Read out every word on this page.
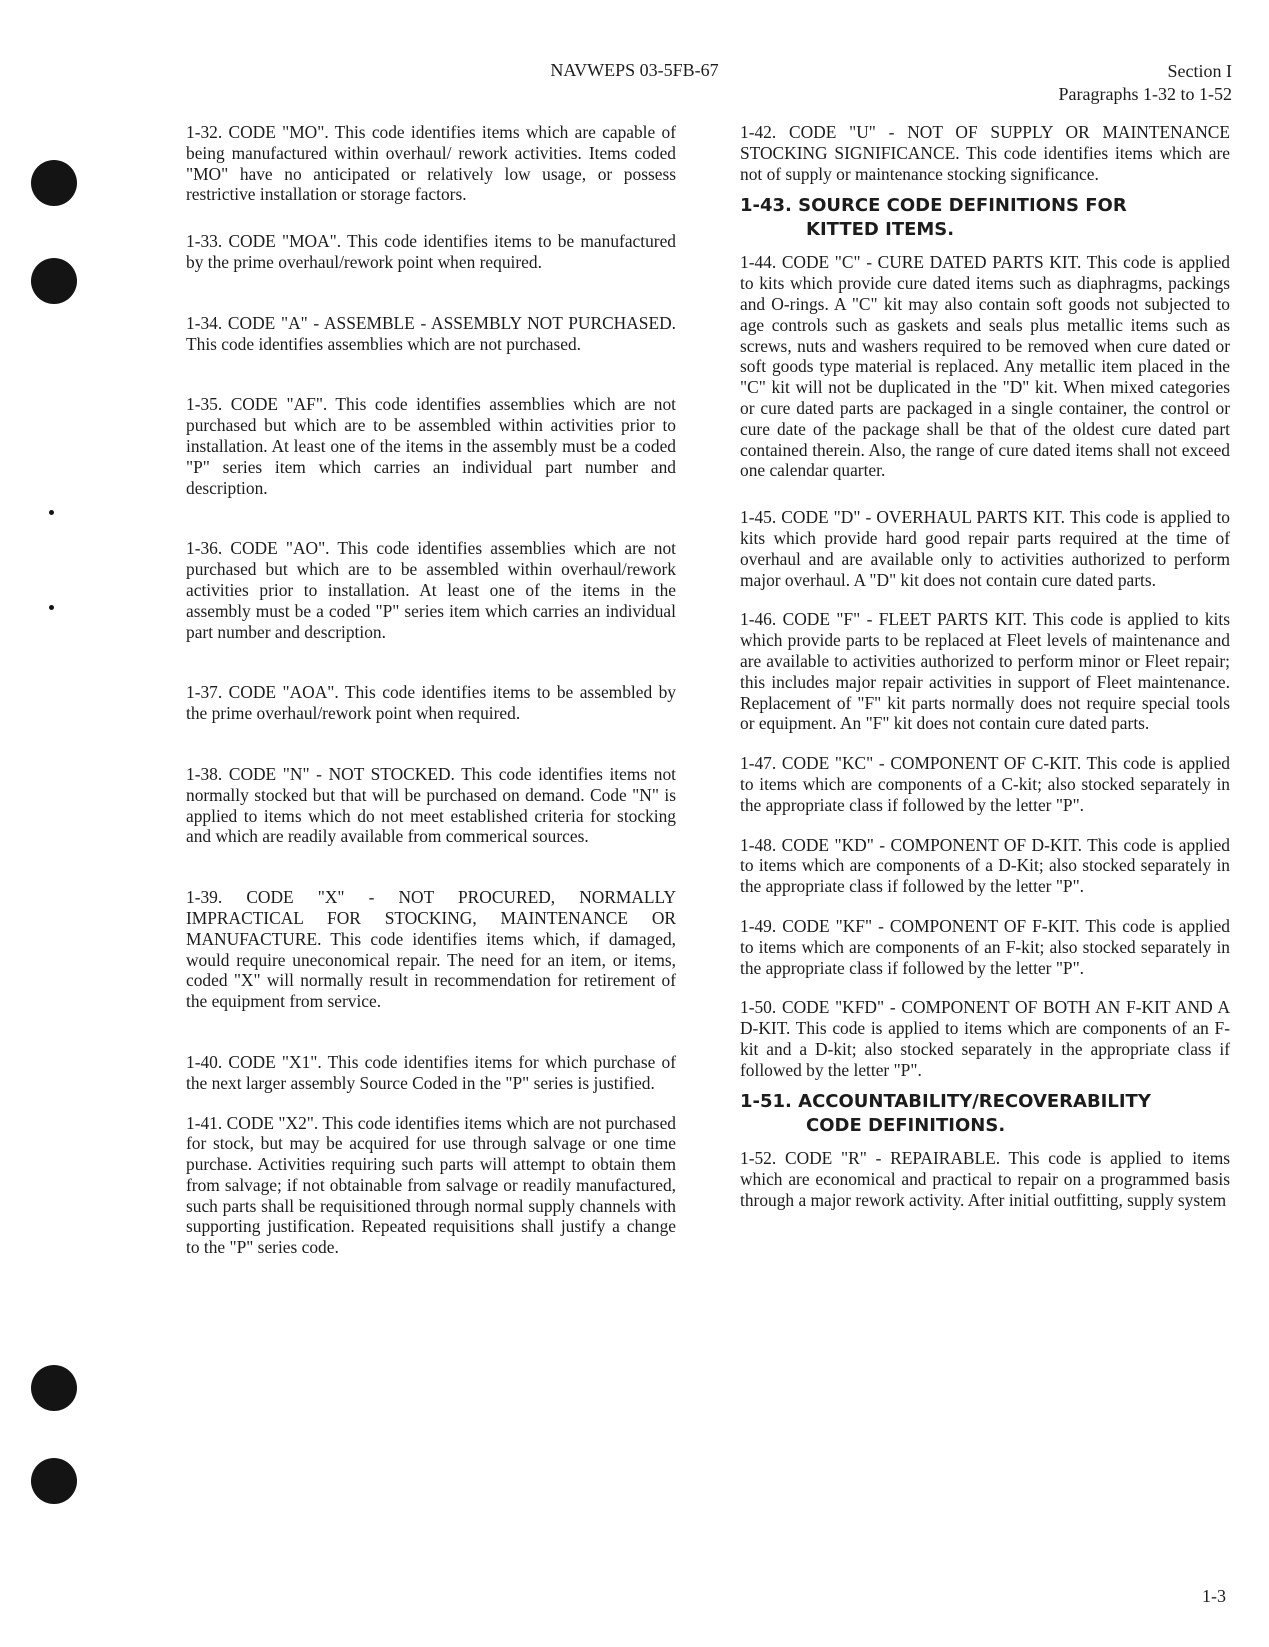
NAVWEPS 03-5FB-67	Section I
Paragraphs 1-32 to 1-52

1-32. CODE "MO". This code identifies items which are capable of being manufactured within overhaul/ rework activities. Items coded "MO" have no anticipated or relatively low usage, or possess restrictive installation or storage factors.

1-33. CODE "MOA". This code identifies items to be manufactured by the prime overhaul/rework point when required.

1-34. CODE "A" - ASSEMBLE - ASSEMBLY NOT PURCHASED. This code identifies assemblies which are not purchased.

1-35. CODE "AF". This code identifies assemblies which are not purchased but which are to be assembled within activities prior to installation. At least one of the items in the assembly must be a coded "P" series item which carries an individual part number and description.

1-36. CODE "AO". This code identifies assemblies which are not purchased but which are to be assembled within overhaul/rework activities prior to installation. At least one of the items in the assembly must be a coded "P" series item which carries an individual part number and description.

1-37. CODE "AOA". This code identifies items to be assembled by the prime overhaul/rework point when required.

1-38. CODE "N" - NOT STOCKED. This code identifies items not normally stocked but that will be purchased on demand. Code "N" is applied to items which do not meet established criteria for stocking and which are readily available from commerical sources.

1-39. CODE "X" - NOT PROCURED, NORMALLY IMPRACTICAL FOR STOCKING, MAINTENANCE OR MANUFACTURE. This code identifies items which, if damaged, would require uneconomical repair. The need for an item, or items, coded "X" will normally result in recommendation for retirement of the equipment from service.

1-40. CODE "X1". This code identifies items for which purchase of the next larger assembly Source Coded in the "P" series is justified.

1-41. CODE "X2". This code identifies items which are not purchased for stock, but may be acquired for use through salvage or one time purchase. Activities requiring such parts will attempt to obtain them from salvage; if not obtainable from salvage or readily manufactured, such parts shall be requisitioned through normal supply channels with supporting justification. Repeated requisitions shall justify a change to the "P" series code.

1-42. CODE "U" - NOT OF SUPPLY OR MAINTENANCE STOCKING SIGNIFICANCE. This code identifies items which are not of supply or maintenance stocking significance.

1-43. SOURCE CODE DEFINITIONS FOR
KITTED ITEMS.

1-44. CODE "C" - CURE DATED PARTS KIT. This code is applied to kits which provide cure dated items such as diaphragms, packings and O-rings. A "C" kit may also contain soft goods not subjected to age controls such as gaskets and seals plus metallic items such as screws, nuts and washers required to be removed when cure dated or soft goods type material is replaced. Any metallic item placed in the "C" kit will not be duplicated in the "D" kit. When mixed categories or cure dated parts are packaged in a single container, the control or cure date of the package shall be that of the oldest cure dated part contained therein. Also, the range of cure dated items shall not exceed one calendar quarter.

1-45. CODE "D" - OVERHAUL PARTS KIT. This code is applied to kits which provide hard good repair parts required at the time of overhaul and are available only to activities authorized to perform major overhaul. A "D" kit does not contain cure dated parts.

1-46. CODE "F" - FLEET PARTS KIT. This code is applied to kits which provide parts to be replaced at Fleet levels of maintenance and are available to activities authorized to perform minor or Fleet repair; this includes major repair activities in support of Fleet maintenance. Replacement of "F" kit parts normally does not require special tools or equipment. An "F" kit does not contain cure dated parts.

1-47. CODE "KC" - COMPONENT OF C-KIT. This code is applied to items which are components of a C-kit; also stocked separately in the appropriate class if followed by the letter "P".

1-48. CODE "KD" - COMPONENT OF D-KIT. This code is applied to items which are components of a D-Kit; also stocked separately in the appropriate class if followed by the letter "P".

1-49. CODE "KF" - COMPONENT OF F-KIT. This code is applied to items which are components of an F-kit; also stocked separately in the appropriate class if followed by the letter "P".

1-50. CODE "KFD" - COMPONENT OF BOTH AN F-KIT AND A D-KIT. This code is applied to items which are components of an F-kit and a D-kit; also stocked separately in the appropriate class if followed by the letter "P".

1-51. ACCOUNTABILITY/RECOVERABILITY
CODE DEFINITIONS.

1-52. CODE "R" - REPAIRABLE. This code is applied to items which are economical and practical to repair on a programmed basis through a major rework activity. After initial outfitting, supply system

1-3
